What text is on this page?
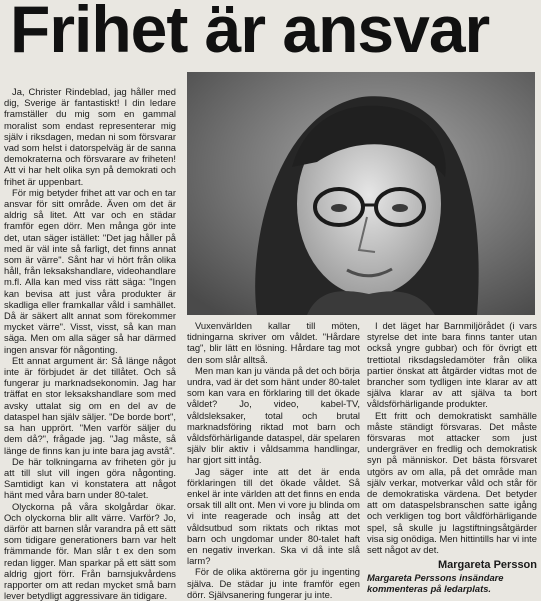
Frihet är ansvar

Ja, Christer Rindeblad, jag håller med dig, Sverige är fantastiskt! I din ledare framställer du mig som en gammal moralist som endast representerar mig själv i riksdagen, medan ni som försvarar vad som helst i datorspelväg är de sanna demokraterna och försvarare av friheten! Att vi har helt olika syn på demokrati och frihet är uppenbart.

För mig betyder frihet att var och en tar ansvar för sitt område. Även om det är aldrig så litet. Att var och en städar framför egen dörr. Men många gör inte det, utan säger istället: "Det jag håller på med är väl inte så farligt, det finns annat som är värre". Sånt har vi hört från olika håll, från leksakshandlare, videohandlare m.fl. Alla kan med viss rätt säga: "Ingen kan bevisa att just våra produkter är skadliga eller framkallar våld i samhället. Då är säkert allt annat som förekommer mycket värre". Visst, visst, så kan man säga. Men om alla säger så har därmed ingen ansvar för någonting.

Ett annat argument är: Så länge något inte är förbjudet är det tillåtet. Och så fungerar ju marknadsekonomin. Jag har träffat en stor leksakshandlare som med avsky uttalat sig om en del av de dataspel han själv säljer. "De borde bort", sa han upprört. "Men varför säljer du dem då?", frågade jag. "Jag måste, så länge de finns kan ju inte bara jag avstå".

De här tolkningarna av friheten gör ju att till slut vill ingen göra någonting. Samtidigt kan vi konstatera att något hänt med våra barn under 80-talet.

Olyckorna på våra skolgårdar ökar. Och olyckorna blir allt värre. Varför? Jo, därför att barnen slår varandra på ett sätt som tidigare generationers barn var helt främmande för. Man slår t ex den som redan ligger. Man sparkar på ett sätt som aldrig gjort förr. Från barnsjukvårdens rapporter om att redan mycket små barn lever betydligt aggressivare än tidigare.

Vuxenvärlden kallar till möten, tidningarna skriver om våldet. "Hårdare tag", blir lätt en lösning. Hårdare tag mot den som slår alltså.

Men man kan ju vända på det och börja undra, vad är det som hänt under 80-talet som kan vara en förklaring till det ökade våldet? Jo, video, kabel-TV, våldsleksaker, total och brutal marknadsföring riktad mot barn och våldsförhärligande dataspel, där spelaren själv blir aktiv i våldsamma handlingar, har gjort sitt intåg.

Jag säger inte att det är enda förklaringen till det ökade våldet. Så enkel är inte världen att det finns en enda orsak till allt ont. Men vi vore ju blinda om vi inte reagerade och insåg att det våldsutbud som riktats och riktas mot barn och ungdomar under 80-talet haft en negativ inverkan. Ska vi då inte slå larm?

För de olika aktörerna gör ju ingenting själva. De städar ju inte framför egen dörr. Självsanering fungerar ju inte.

I det läget har Barnmiljörådet (i vars styrelse det inte bara finns tanter utan också yngre gubbar) och för övrigt ett trettiotal riksdagsledamöter från olika partier önskat att åtgärder vidtas mot de brancher som tydligen inte klarar av att själva klarar av att själva ta bort våldsförhärligande produkter.

Ett fritt och demokratiskt samhälle måste ständigt försvaras. Det måste försvaras mot attacker som just undergräver en fredlig och demokratisk syn på människor. Det bästa försvaret utgörs av om alla, på det område man själv verkar, motverkar våld och står för de demokratiska värdena. Det betyder att om dataspelsbranschen satte igång och verkligen tog bort våldförhärligande spel, så skulle ju lagstiftningsåtgärder visa sig onödiga. Men hittintills har vi inte sett något av det.

Margareta Persson
Margareta Perssons insändare kommenteras på ledarplats.
